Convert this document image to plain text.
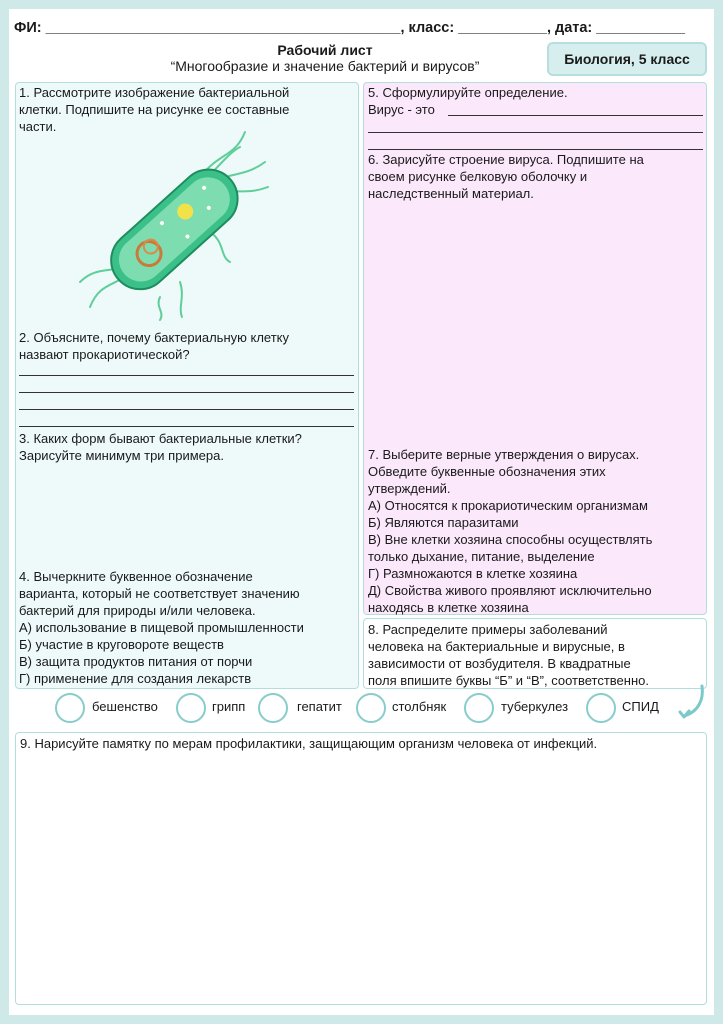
ФИ: ____________________________________________, класс: ___________, дата: ___________
Рабочий лист
“Многообразие и значение бактерий и вирусов”	Биология, 5 класс
1. Рассмотрите изображение бактериальной
клетки. Подпишите на рисунке ее составные
части.
2. Объясните, почему бактериальную клетку
назвают прокариотической?
3. Каких форм бывают бактериальные клетки?
Зарисуйте минимум три примера.
4. Вычеркните буквенное обозначение
варианта, который не соответствует значению
бактерий для природы и/или человека.
А) использование в пищевой промышленности
Б) участие в круговороте веществ
В) защита продуктов питания от порчи
Г) применение для создания лекарств
5. Сформулируйте определение.
Вирус - это
6. Зарисуйте строение вируса. Подпишите на
своем рисунке белковую оболочку и
наследственный материал.
7. Выберите верные утверждения о вирусах.
Обведите буквенные обозначения этих
утверждений.
А) Относятся к прокариотическим организмам
Б) Являются паразитами
В) Вне клетки хозяина способны осуществлять
только дыхание, питание, выделение
Г) Размножаются в клетке хозяина
Д) Свойства живого проявляют исключительно
находясь в клетке хозяина
8. Распределите примеры заболеваний
человека на бактериальные и вирусные, в
зависимости от возбудителя. В квадратные
поля впишите буквы “Б” и “В”, соответственно.
бешенство	грипп	гепатит	столбняк	туберкулез	СПИД
9. Нарисуйте памятку по мерам профилактики, защищающим организм человека от инфекций.
